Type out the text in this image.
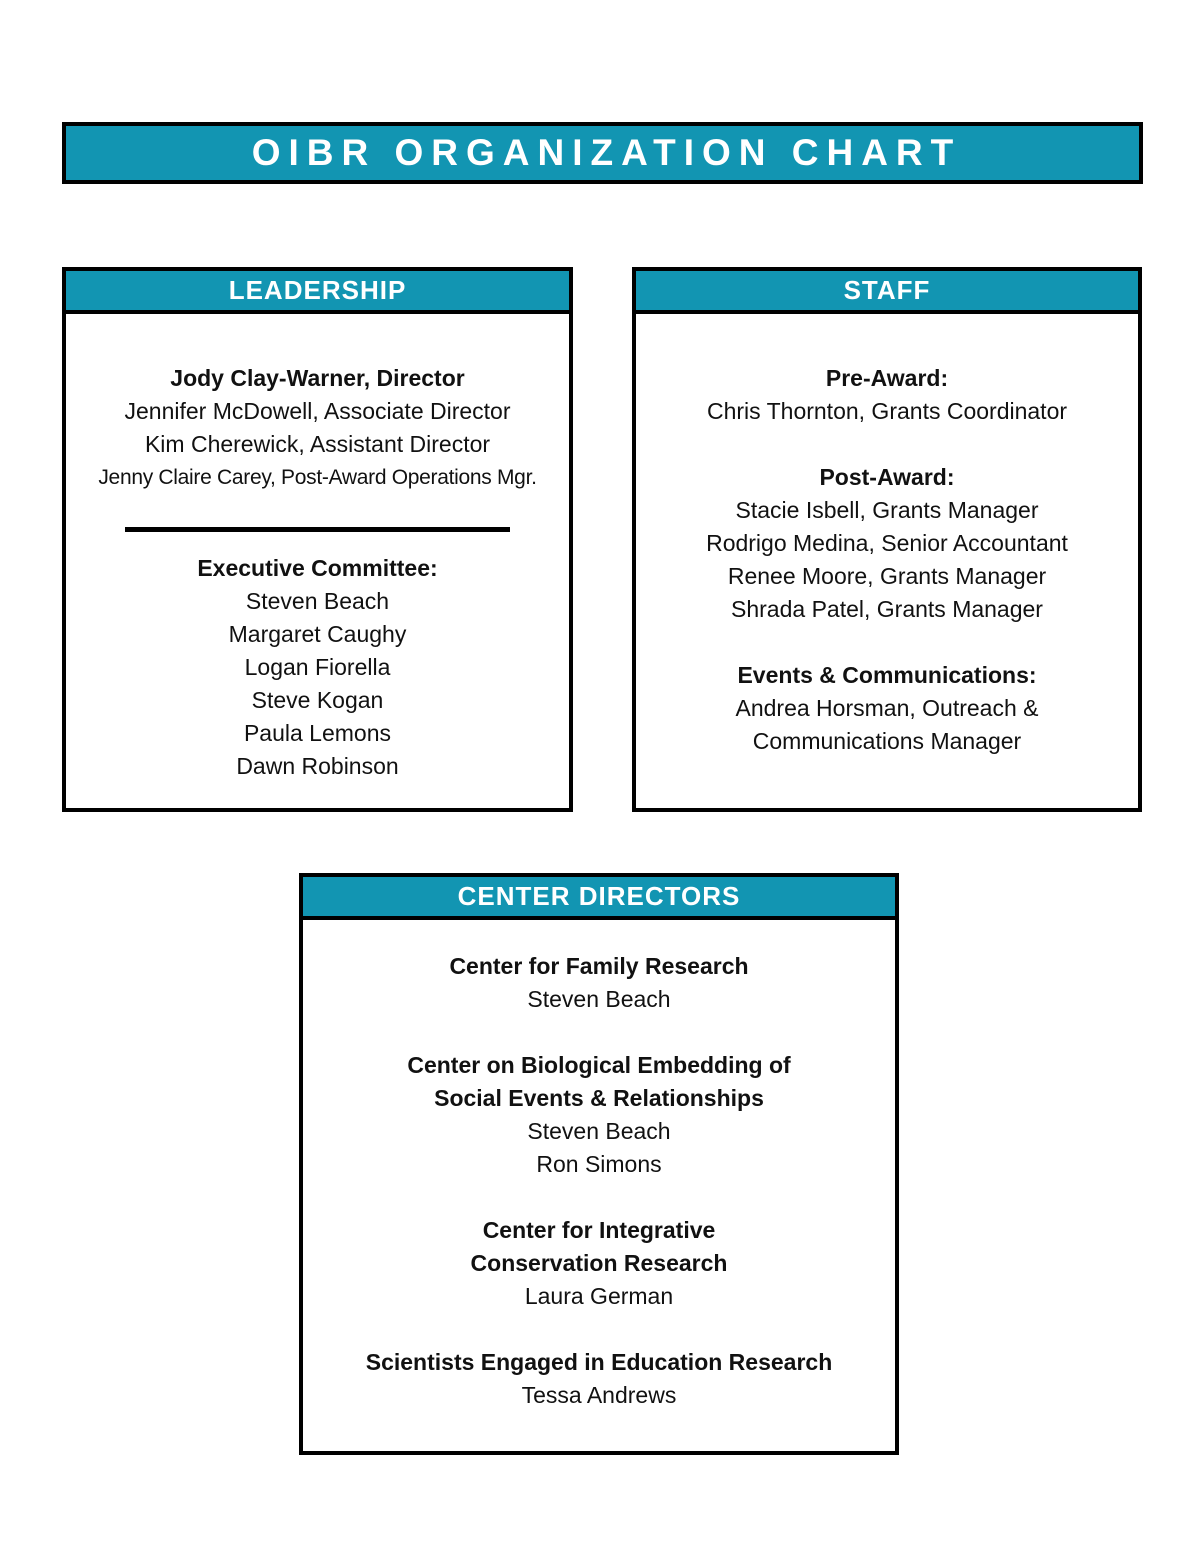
OIBR ORGANIZATION CHART
LEADERSHIP
Jody Clay-Warner, Director
Jennifer McDowell, Associate Director
Kim Cherewick, Assistant Director
Jenny Claire Carey, Post-Award Operations Mgr.
Executive Committee:
Steven Beach
Margaret Caughy
Logan Fiorella
Steve Kogan
Paula Lemons
Dawn Robinson
STAFF
Pre-Award:
Chris Thornton, Grants Coordinator
Post-Award:
Stacie Isbell, Grants Manager
Rodrigo Medina, Senior Accountant
Renee Moore, Grants Manager
Shrada Patel, Grants Manager
Events & Communications:
Andrea Horsman, Outreach &
Communications Manager
CENTER DIRECTORS
Center for Family Research
Steven Beach
Center on Biological Embedding of
Social Events & Relationships
Steven Beach
Ron Simons
Center for Integrative
Conservation Research
Laura German
Scientists Engaged in Education Research
Tessa Andrews
